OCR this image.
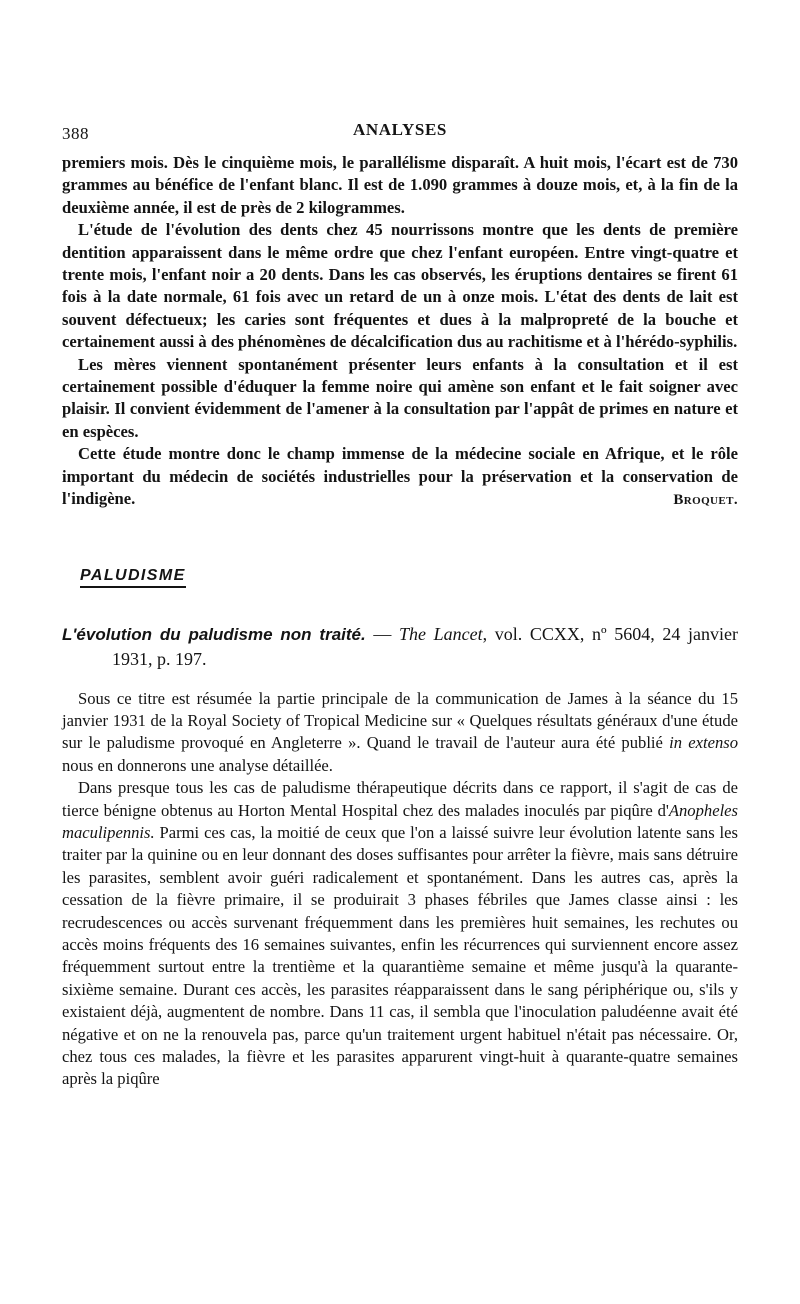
388	ANALYSES

premiers mois. Dès le cinquième mois, le parallélisme disparaît. A huit mois, l'écart est de 730 grammes au bénéfice de l'enfant blanc. Il est de 1.090 grammes à douze mois, et, à la fin de la deuxième année, il est de près de 2 kilogrammes.

L'étude de l'évolution des dents chez 45 nourrissons montre que les dents de première dentition apparaissent dans le même ordre que chez l'enfant européen. Entre vingt-quatre et trente mois, l'enfant noir a 20 dents. Dans les cas observés, les éruptions dentaires se firent 61 fois à la date normale, 61 fois avec un retard de un à onze mois. L'état des dents de lait est souvent défectueux; les caries sont fréquentes et dues à la malpropreté de la bouche et certainement aussi à des phénomènes de décalcification dus au rachitisme et à l'hérédo-syphilis.

Les mères viennent spontanément présenter leurs enfants à la consultation et il est certainement possible d'éduquer la femme noire qui amène son enfant et le fait soigner avec plaisir. Il convient évidemment de l'amener à la consultation par l'appât de primes en nature et en espèces.

Cette étude montre donc le champ immense de la médecine sociale en Afrique, et le rôle important du médecin de sociétés industrielles pour la préservation et la conservation de l'indigène.	Broquet.

PALUDISME

L'évolution du paludisme non traité. — The Lancet, vol. CCXX, nº 5604, 24 janvier 1931, p. 197.

Sous ce titre est résumée la partie principale de la communication de James à la séance du 15 janvier 1931 de la Royal Society of Tropical Medicine sur « Quelques résultats généraux d'une étude sur le paludisme provoqué en Angleterre ». Quand le travail de l'auteur aura été publié in extenso nous en donnerons une analyse détaillée.

Dans presque tous les cas de paludisme thérapeutique décrits dans ce rapport, il s'agit de cas de tierce bénigne obtenus au Horton Mental Hospital chez des malades inoculés par piqûre d'Anopheles maculipennis. Parmi ces cas, la moitié de ceux que l'on a laissé suivre leur évolution latente sans les traiter par la quinine ou en leur donnant des doses suffisantes pour arrêter la fièvre, mais sans détruire les parasites, semblent avoir guéri radicalement et spontanément. Dans les autres cas, après la cessation de la fièvre primaire, il se produirait 3 phases fébriles que James classe ainsi : les recrudescences ou accès survenant fréquemment dans les premières huit semaines, les rechutes ou accès moins fréquents des 16 semaines suivantes, enfin les récurrences qui surviennent encore assez fréquemment surtout entre la trentième et la quarantième semaine et même jusqu'à la quarante-sixième semaine. Durant ces accès, les parasites réapparaissent dans le sang périphérique ou, s'ils y existaient déjà, augmentent de nombre. Dans 11 cas, il sembla que l'inoculation paludéenne avait été négative et on ne la renouvela pas, parce qu'un traitement urgent habituel n'était pas nécessaire. Or, chez tous ces malades, la fièvre et les parasites apparurent vingt-huit à quarante-quatre semaines après la piqûre
